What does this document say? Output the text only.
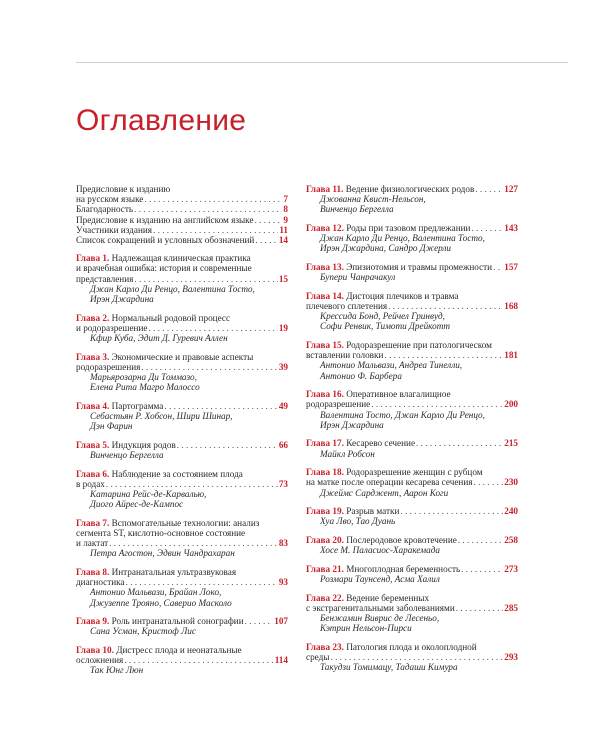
Оглавление
Предисловие к изданию
на русском языке . . .	7
Благодарность . . .	8
Предисловие к изданию на английском языке . . .	9
Участники издания . . .	11
Список сокращений и условных обозначений . . .	14
Глава 1. Надлежащая клиническая практика
и врачебная ошибка: история и современные
представления . . .	15
Джан Карло Ди Ренцо, Валентина Тосто,
Ирэн Джардина
Глава 2. Нормальный родовой процесс
и родоразрешение . . .	19
Кфир Куба, Эдит Д. Гуревич Аллен
Глава 3. Экономические и правовые аспекты
родоразрешения . . .	39
Марьярозарна Ди Томмазо,
Елена Рита Магро Малоссо
Глава 4. Партограмма . . .	49
Себастьян Р. Хобсон, Шири Шинар,
Дэн Фарин
Глава 5. Индукция родов . . .	66
Винченцо Бергелла
Глава 6. Наблюдение за состоянием плода
в родах . . .	73
Катарина Рейс-де-Карвалью,
Диого Айрес-де-Кампос
Глава 7. Вспомогательные технологии: анализ
сегмента ST, кислотно-основное состояние
и лактат . . .	83
Петра Агостон, Эдвин Чандрахаран
Глава 8. Интранатальная ультразвуковая
диагностика . . .	93
Антонио Мальвази, Брайан Локо,
Джузеппе Трояно, Саверио Масколо
Глава 9. Роль интранатальной сонографии . . .	107
Сана Усман, Кристоф Лис
Глава 10. Дистресс плода и неонатальные
осложнения . . .	114
Так Юнг Люн
Глава 11. Ведение физиологических родов . . .	127
Джованна Квист-Нельсон,
Винченцо Бергелла
Глава 12. Роды при тазовом предлежании . . .	143
Джан Карло Ди Ренцо, Валентина Тосто,
Ирэн Джардина, Сандро Джерли
Глава 13. Эпизиотомия и травмы промежности . . . 157
Бупери Чанрачакул
Глава 14. Дистоция плечиков и травма
плечевого сплетения . . .	168
Крессида Бонд, Рейчел Гринвуд,
Софи Ренвик, Тимоти Дрейкотт
Глава 15. Родоразрешение при патологическом
вставлении головки . . .	181
Антонио Мальвази, Андреа Тинелли,
Антонио Ф. Барбера
Глава 16. Оперативное влагалищное
родоразрешение . . .	200
Валентина Тосто, Джан Карло Ди Ренцо,
Ирэн Джардина
Глава 17. Кесарево сечение . . .	215
Майкл Робсон
Глава 18. Родоразрешение женщин с рубцом
на матке после операции кесарева сечения . . .	230
Джеймс Сарджент, Аарон Коги
Глава 19. Разрыв матки . . .	240
Хуа Лво, Тао Дуань
Глава 20. Послеродовое кровотечение . . .	258
Хосе М. Паласиос-Харакемада
Глава 21. Многоплодная беременность . . .	273
Розмари Таунсенд, Асма Халил
Глава 22. Ведение беременных
с экстрагенитальными заболеваниями . . .	285
Бенжамин Виврис де Лесеньо,
Кэтрин Нельсон-Пирси
Глава 23. Патология плода и околоплодной
среды . . .	293
Такудзи Томимацу, Тадаши Кимура
